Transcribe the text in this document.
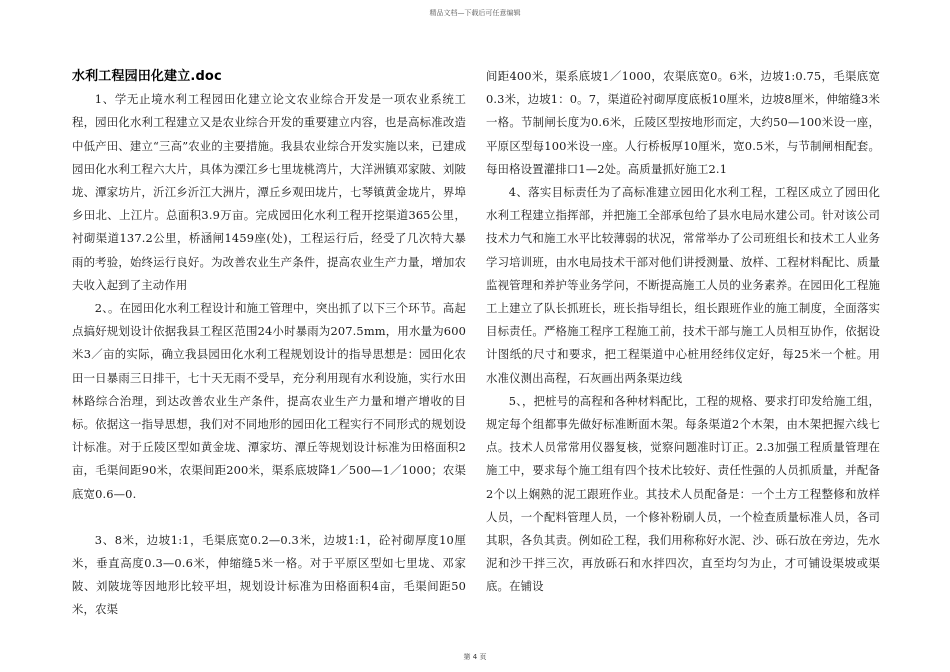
精品文档—下载后可任意编辑
水利工程园田化建立.doc

1、学无止境水利工程园田化建立论文农业综合开发是一项农业系统工程，园田化水利工程建立又是农业综合开发的重要建立内容，也是高标准改造中低产田、建立“三高”农业的主要措施。我县农业综合开发实施以来，已建成园田化水利工程六大片，具体为溧江乡七里垅桃湾片，大洋洲镇邓家陂、刘陂垅、潭家坊片，沂江乡沂江大洲片，潭丘乡观田垅片，七琴镇黄金垅片，界埠乡田北、上江片。总面积3.9万亩。完成园田化水利工程开挖渠道365公里，衬砌渠道137.2公里，桥涵闸1459座(处)，工程运行后，经受了几次特大暴雨的考验，始终运行良好。为改善农业生产条件，提高农业生产力量，增加农夫收入起到了主动作用

2、。在园田化水利工程设计和施工管理中，突出抓了以下三个环节。高起点搞好规划设计依据我县工程区范围24小时暴雨为207.5mm，用水量为600米3／亩的实际，确立我县园田化水利工程规划设计的指导思想是：园田化农田一日暴雨三日排干，七十天无雨不受旱，充分利用现有水利设施，实行水田林路综合治理，到达改善农业生产条件，提高农业生产力量和增产增收的目标。依据这一指导思想，我们对不同地形的园田化工程实行不同形式的规划设计标准。对于丘陵区型如黄金垅、潭家坊、潭丘等规划设计标准为田格面积2亩，毛渠间距90米，农渠间距200米，渠系底坡降1／500—1／1000；农渠底宽0.6—0.

3、8米，边坡1:1，毛渠底宽0.2—0.3米，边坡1:1，砼衬砌厚度10厘米，垂直高度0.3—0.6米，伸缩缝5米一格。对于平原区型如七里垅、邓家陂、刘陂垅等因地形比较平坦，规划设计标准为田格面积4亩，毛渠间距50米，农渠

间距400米，渠系底坡1／1000，农渠底宽0。6米，边坡1:0.75，毛渠底宽0.3米，边坡1：0。7，渠道砼衬砌厚度底板10厘米，边坡8厘米，伸缩缝3米一格。节制闸长度为0.6米，丘陵区型按地形而定，大约50—100米设一座，平原区型每100米设一座。人行桥板厚10厘米，宽0.5米，与节制闸相配套。每田格设置灌排口1—2处。高质量抓好施工2.1

4、落实目标责任为了高标准建立园田化水利工程，工程区成立了园田化水利工程建立指挥部，并把施工全部承包给了县水电局水建公司。针对该公司技术力气和施工水平比较薄弱的状况，常常举办了公司班组长和技术工人业务学习培训班，由水电局技术干部对他们讲授测量、放样、工程材料配比、质量监视管理和养护等业务学问，不断提高施工人员的业务素养。在园田化工程施工上建立了队长抓班长，班长指导组长，组长跟班作业的施工制度，全面落实目标责任。严格施工程序工程施工前，技术干部与施工人员相互协作，依据设计图纸的尺寸和要求，把工程渠道中心桩用经纬仪定好，每25米一个桩。用水准仪测出高程，石灰画出两条渠边线

5、，把桩号的高程和各种材料配比，工程的规格、要求打印发给施工组，规定每个组都事先做好标准断面木架。每条渠道2个木架，由木架把握六线七点。技术人员常常用仪器复核，觉察问题准时订正。2.3加强工程质量管理在施工中，要求每个施工组有四个技术比较好、责任性强的人员抓质量，并配备2个以上娴熟的泥工跟班作业。其技术人员配备是：一个土方工程整修和放样人员，一个配料管理人员，一个修补粉刷人员，一个检查质量标准人员，各司其职，各负其责。例如砼工程，我们用称称好水泥、沙、砾石放在旁边，先水泥和沙干拌三次，再放砾石和水拌四次，直至均匀为止，才可铺设渠坡或渠底。在铺设

第 4 页
